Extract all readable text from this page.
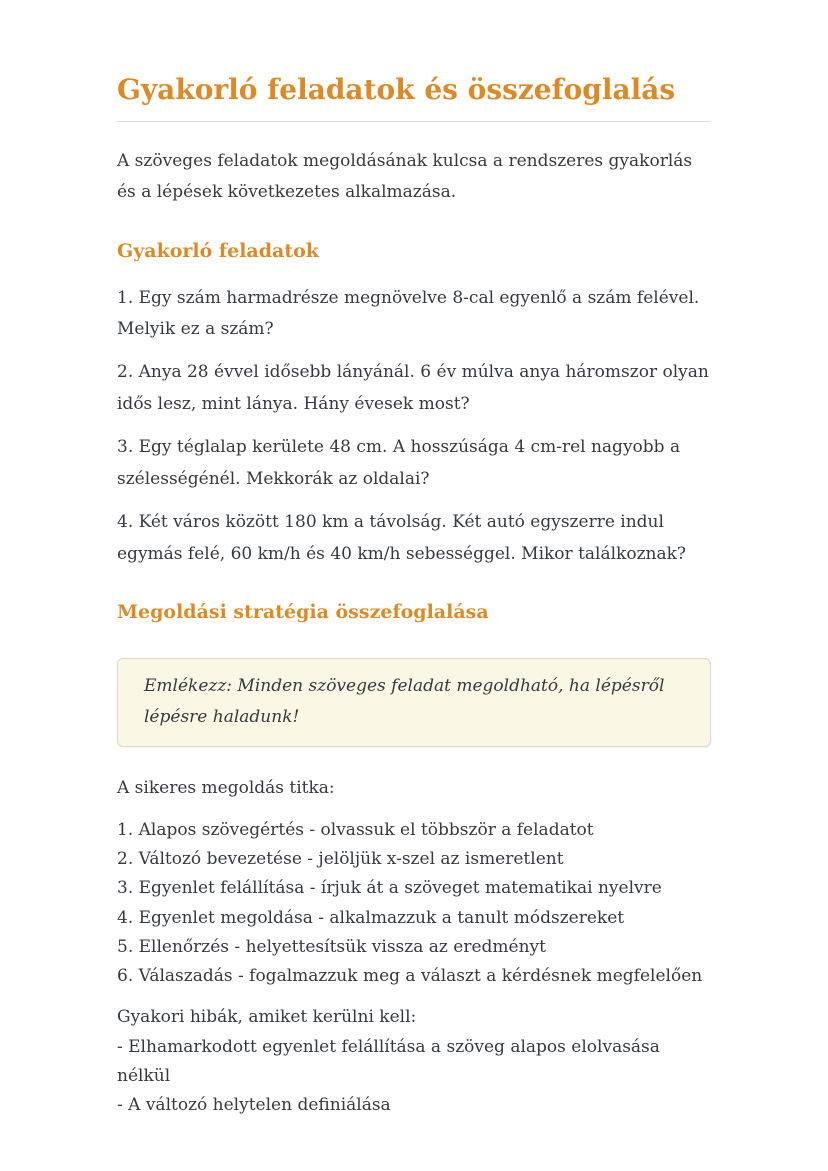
Gyakorló feladatok és összefoglalás

A szöveges feladatok megoldásának kulcsa a rendszeres gyakorlás és a lépések következetes alkalmazása.

Gyakorló feladatok

1. Egy szám harmadrésze megnövelve 8-cal egyenlő a szám felével. Melyik ez a szám?

2. Anya 28 évvel idősebb lányánál. 6 év múlva anya háromszor olyan idős lesz, mint lánya. Hány évesek most?

3. Egy téglalap kerülete 48 cm. A hosszúsága 4 cm-rel nagyobb a szélességénél. Mekkorák az oldalai?

4. Két város között 180 km a távolság. Két autó egyszerre indul egymás felé, 60 km/h és 40 km/h sebességgel. Mikor találkoznak?

Megoldási stratégia összefoglalása

Emlékezz: Minden szöveges feladat megoldható, ha lépésről lépésre haladunk!

A sikeres megoldás titka:

1. Alapos szövegértés - olvassuk el többször a feladatot
2. Változó bevezetése - jelöljük x-szel az ismeretlent
3. Egyenlet felállítása - írjuk át a szöveget matematikai nyelvre
4. Egyenlet megoldása - alkalmazzuk a tanult módszereket
5. Ellenőrzés - helyettesítsük vissza az eredményt
6. Válaszadás - fogalmazzuk meg a választ a kérdésnek megfelelően
Gyakori hibák, amiket kerülni kell:
- Elhamarkodott egyenlet felállítása a szöveg alapos elolvasása nélkül
- A változó helytelen definiálása
